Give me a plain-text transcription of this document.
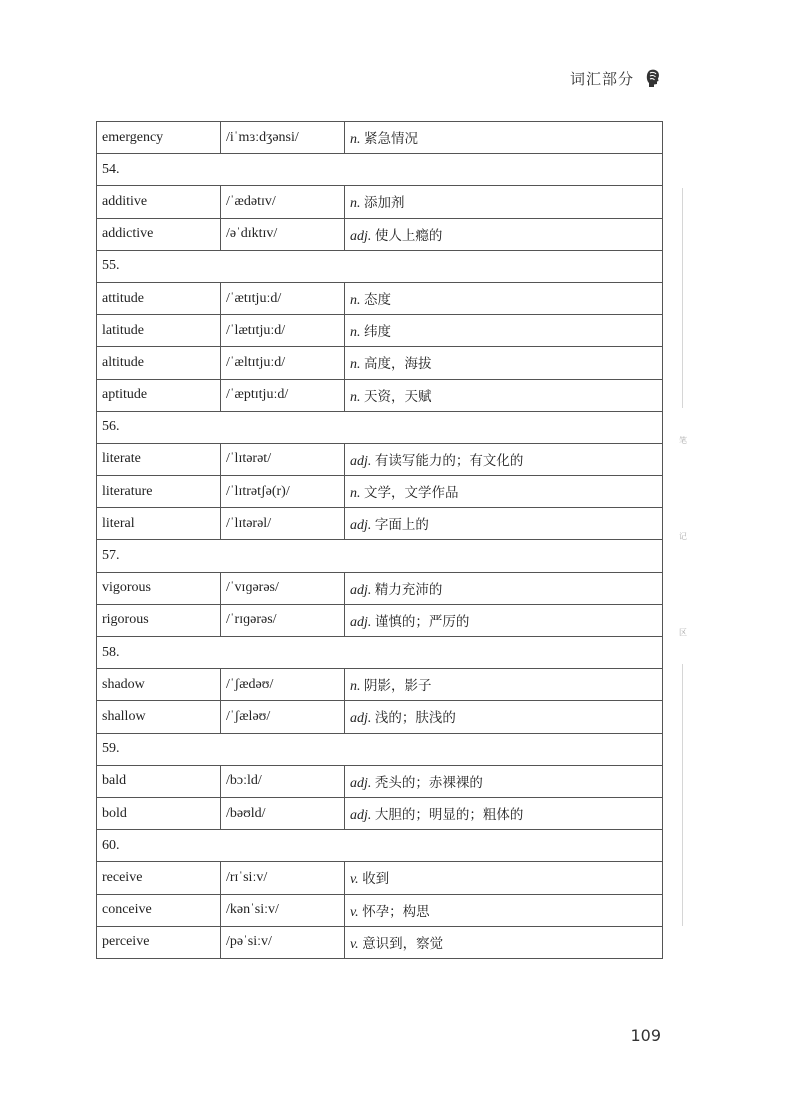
词汇部分
emergency	/iˈmɜːdʒənsi/	n. 紧急情况
54.		
additive	/ˈædətɪv/	n. 添加剂
addictive	/əˈdɪktɪv/	adj. 使人上瘾的
55.		
attitude	/ˈætɪtjuːd/	n. 态度
latitude	/ˈlætɪtjuːd/	n. 纬度
altitude	/ˈæltɪtjuːd/	n. 高度，海拔
aptitude	/ˈæptɪtjuːd/	n. 天资，天赋
56.		
literate	/ˈlɪtərət/	adj. 有读写能力的；有文化的
literature	/ˈlɪtrətʃə(r)/	n. 文学，文学作品
literal	/ˈlɪtərəl/	adj. 字面上的
57.		
vigorous	/ˈvɪɡərəs/	adj. 精力充沛的
rigorous	/ˈrɪɡərəs/	adj. 谨慎的；严厉的
58.		
shadow	/ˈʃædəʊ/	n. 阴影，影子
shallow	/ˈʃæləʊ/	adj. 浅的；肤浅的
59.		
bald	/bɔːld/	adj. 秃头的；赤裸裸的
bold	/bəʊld/	adj. 大胆的；明显的；粗体的
60.		
receive	/rɪˈsiːv/	v. 收到
conceive	/kənˈsiːv/	v. 怀孕；构思
perceive	/pəˈsiːv/	v. 意识到，察觉
笔
记
区
109
